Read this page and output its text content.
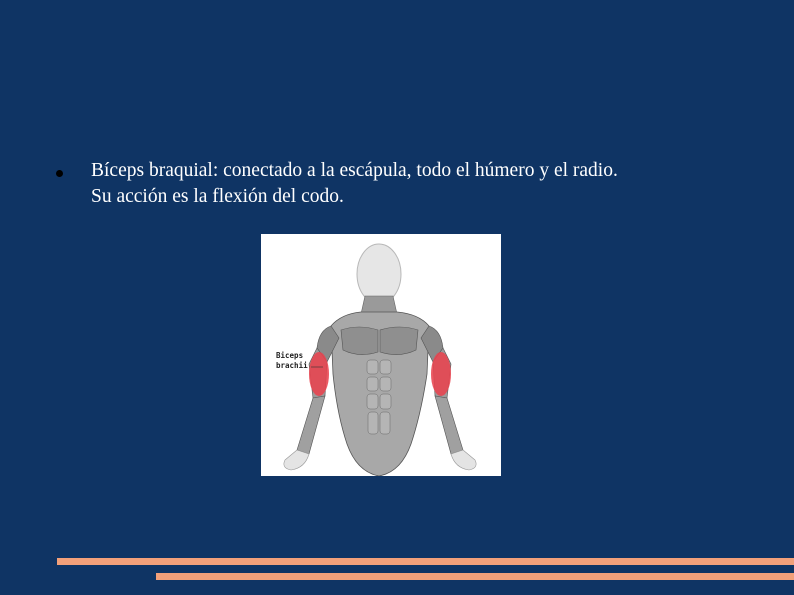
Bíceps braquial: conectado a la escápula, todo el húmero y el radio.
Su acción es la flexión del codo.
Biceps
brachii
